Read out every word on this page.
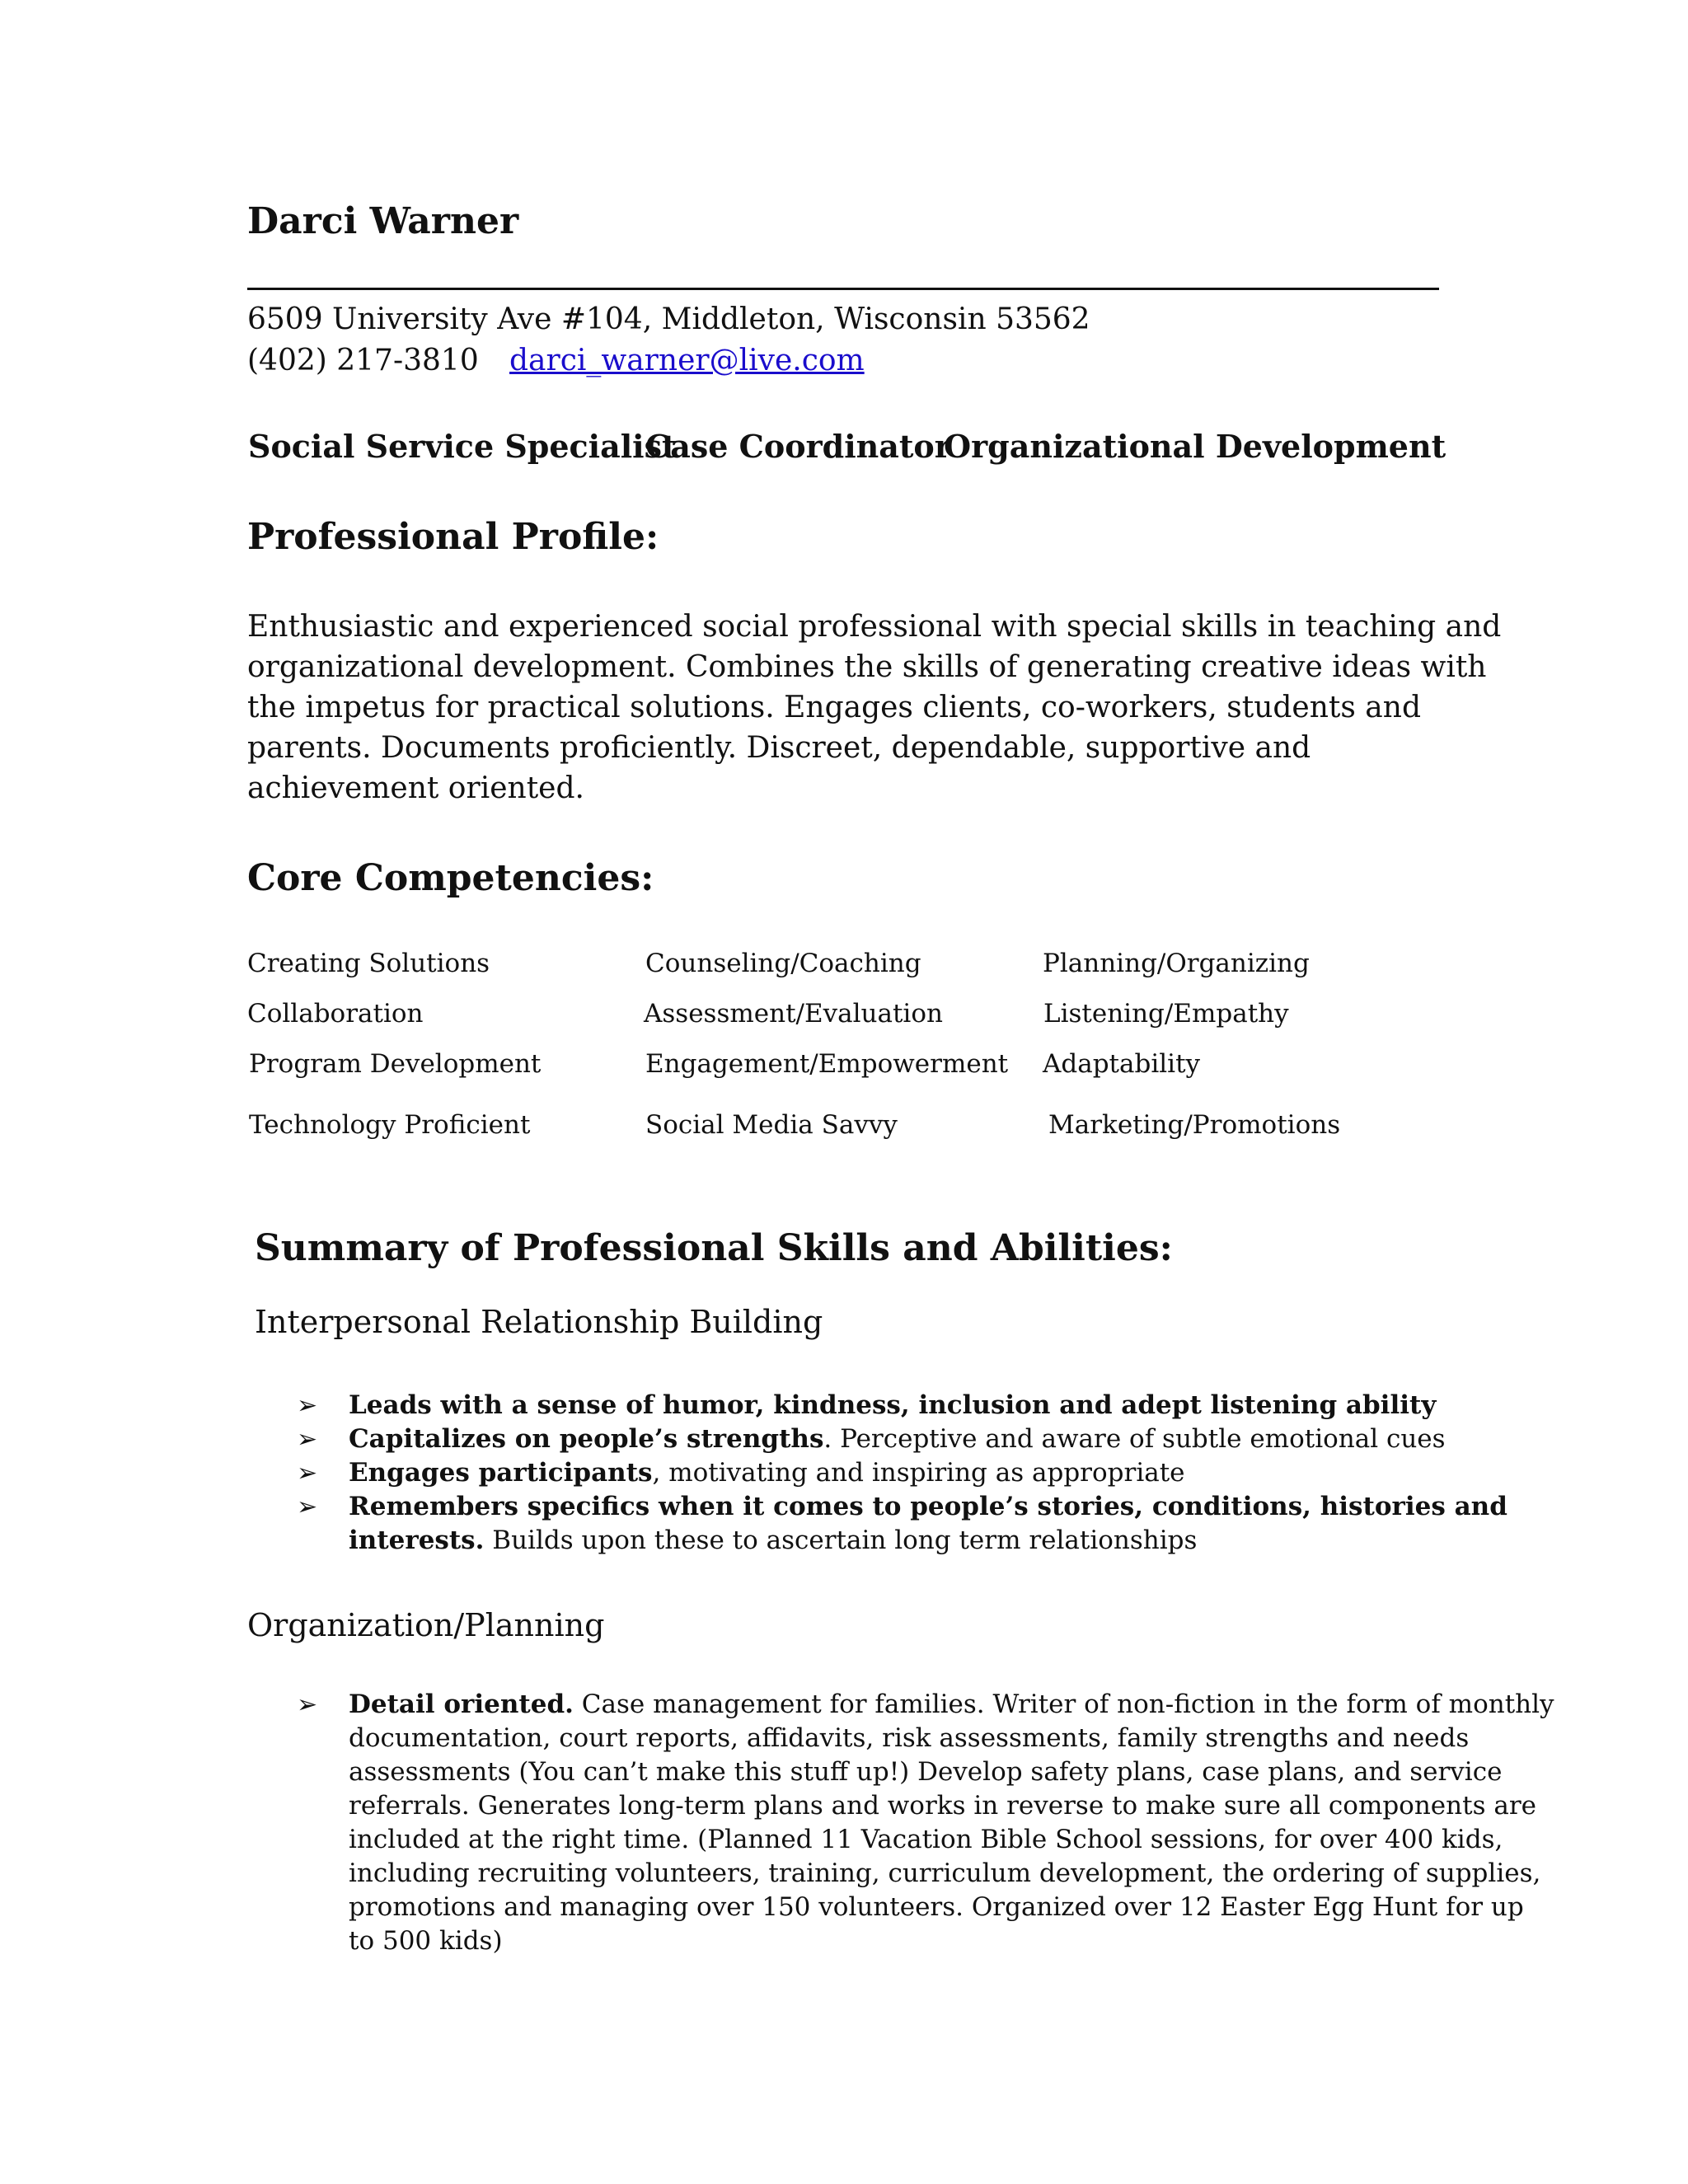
Darci Warner
6509 University Ave #104, Middleton, Wisconsin 53562
(402) 217-3810 darci_warner@live.com
Social Service Specialist
Case Coordinator
Organizational Development
Professional Profile:
Enthusiastic and experienced social professional with special skills in teaching and
organizational development. Combines the skills of generating creative ideas with
the impetus for practical solutions. Engages clients, co-workers, students and
parents. Documents proficiently. Discreet, dependable, supportive and
achievement oriented.
Core Competencies:
Creating Solutions	Counseling/Coaching	Planning/Organizing
Collaboration	Assessment/Evaluation	Listening/Empathy
Program Development	Engagement/Empowerment Adaptability
Technology Proficient	Social Media Savvy	Marketing/Promotions
Summary of Professional Skills and Abilities:
Interpersonal Relationship Building
➢ Leads with a sense of humor, kindness, inclusion and adept listening ability
➢ Capitalizes on people’s strengths. Perceptive and aware of subtle emotional cues
➢ Engages participants, motivating and inspiring as appropriate
➢ Remembers specifics when it comes to people’s stories, conditions, histories and
interests. Builds upon these to ascertain long term relationships
Organization/Planning
➢ Detail oriented. Case management for families. Writer of non-fiction in the form of monthly
documentation, court reports, affidavits, risk assessments, family strengths and needs
assessments (You can’t make this stuff up!) Develop safety plans, case plans, and service
referrals. Generates long-term plans and works in reverse to make sure all components are
included at the right time. (Planned 11 Vacation Bible School sessions, for over 400 kids,
including recruiting volunteers, training, curriculum development, the ordering of supplies,
promotions and managing over 150 volunteers. Organized over 12 Easter Egg Hunt for up
to 500 kids)
